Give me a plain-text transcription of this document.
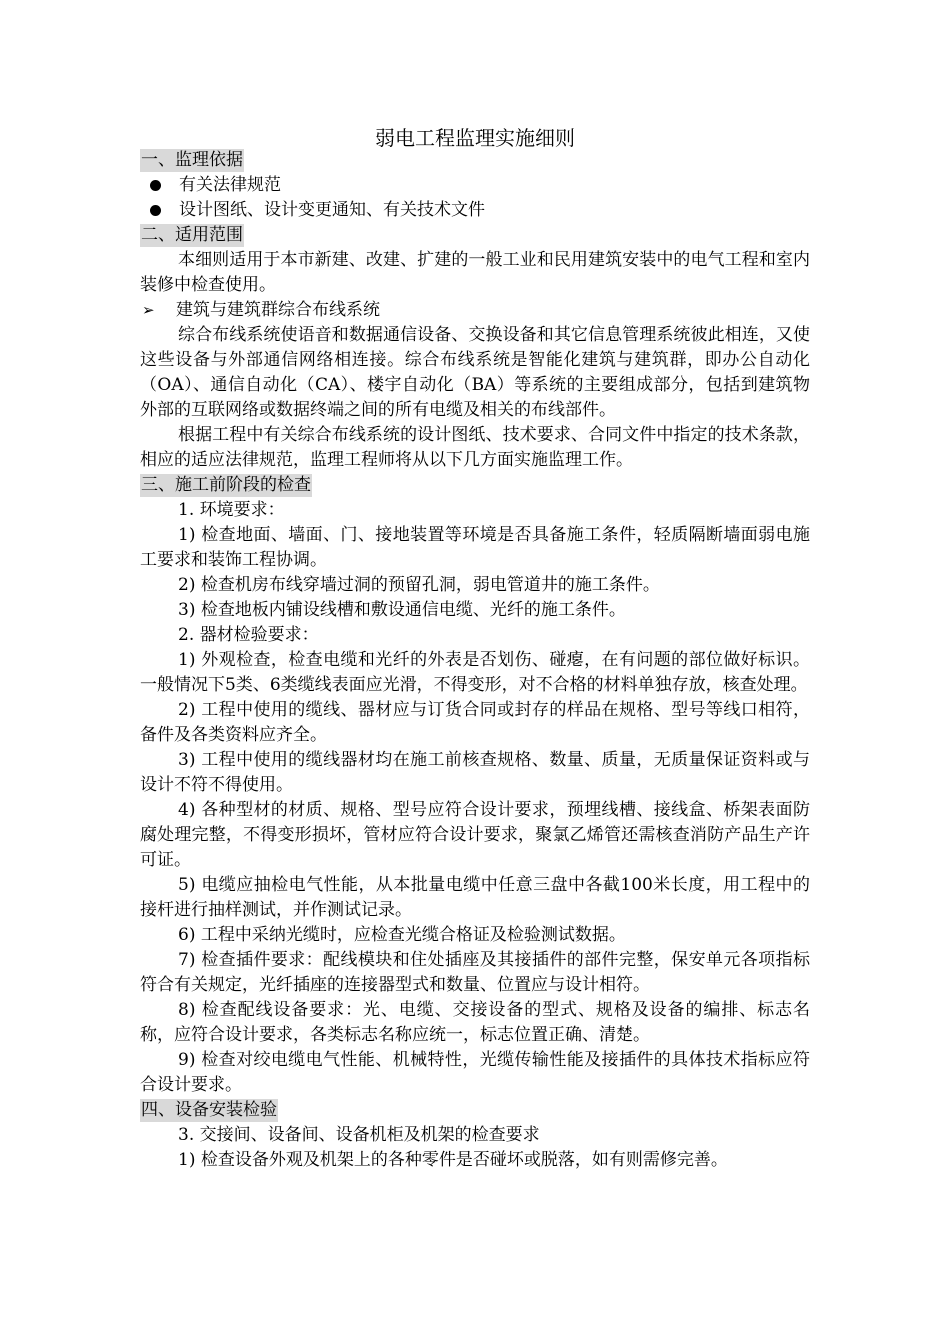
弱电工程监理实施细则
一、监理依据
有关法律规范
设计图纸、设计变更通知、有关技术文件
二、适用范围
本细则适用于本市新建、改建、扩建的一般工业和民用建筑安装中的电气工程和室内装修中检查使用。
➢ 建筑与建筑群综合布线系统
综合布线系统使语音和数据通信设备、交换设备和其它信息管理系统彼此相连，又使这些设备与外部通信网络相连接。综合布线系统是智能化建筑与建筑群，即办公自动化（OA）、通信自动化（CA）、楼宇自动化（BA）等系统的主要组成部分，包括到建筑物外部的互联网络或数据终端之间的所有电缆及相关的布线部件。
根据工程中有关综合布线系统的设计图纸、技术要求、合同文件中指定的技术条款，相应的适应法律规范，监理工程师将从以下几方面实施监理工作。
三、施工前阶段的检查
1. 环境要求：
1) 检查地面、墙面、门、接地装置等环境是否具备施工条件，轻质隔断墙面弱电施工要求和装饰工程协调。
2) 检查机房布线穿墙过洞的预留孔洞，弱电管道井的施工条件。
3) 检查地板内铺设线槽和敷设通信电缆、光纤的施工条件。
2. 器材检验要求：
1) 外观检查，检查电缆和光纤的外表是否划伤、碰瘪，在有问题的部位做好标识。一般情况下5类、6类缆线表面应光滑，不得变形，对不合格的材料单独存放，核查处理。
2) 工程中使用的缆线、器材应与订货合同或封存的样品在规格、型号等线口相符，备件及各类资料应齐全。
3) 工程中使用的缆线器材均在施工前核查规格、数量、质量，无质量保证资料或与设计不符不得使用。
4) 各种型材的材质、规格、型号应符合设计要求，预埋线槽、接线盒、桥架表面防腐处理完整，不得变形损坏，管材应符合设计要求，聚氯乙烯管还需核查消防产品生产许可证。
5) 电缆应抽检电气性能，从本批量电缆中任意三盘中各截100米长度，用工程中的接杆进行抽样测试，并作测试记录。
6) 工程中采纳光缆时，应检查光缆合格证及检验测试数据。
7) 检查插件要求：配线模块和住处插座及其接插件的部件完整，保安单元各项指标符合有关规定，光纤插座的连接器型式和数量、位置应与设计相符。
8) 检查配线设备要求：光、电缆、交接设备的型式、规格及设备的编排、标志名称，应符合设计要求，各类标志名称应统一，标志位置正确、清楚。
9) 检查对绞电缆电气性能、机械特性，光缆传输性能及接插件的具体技术指标应符合设计要求。
四、设备安装检验
3. 交接间、设备间、设备机柜及机架的检查要求
1) 检查设备外观及机架上的各种零件是否碰坏或脱落，如有则需修完善。
